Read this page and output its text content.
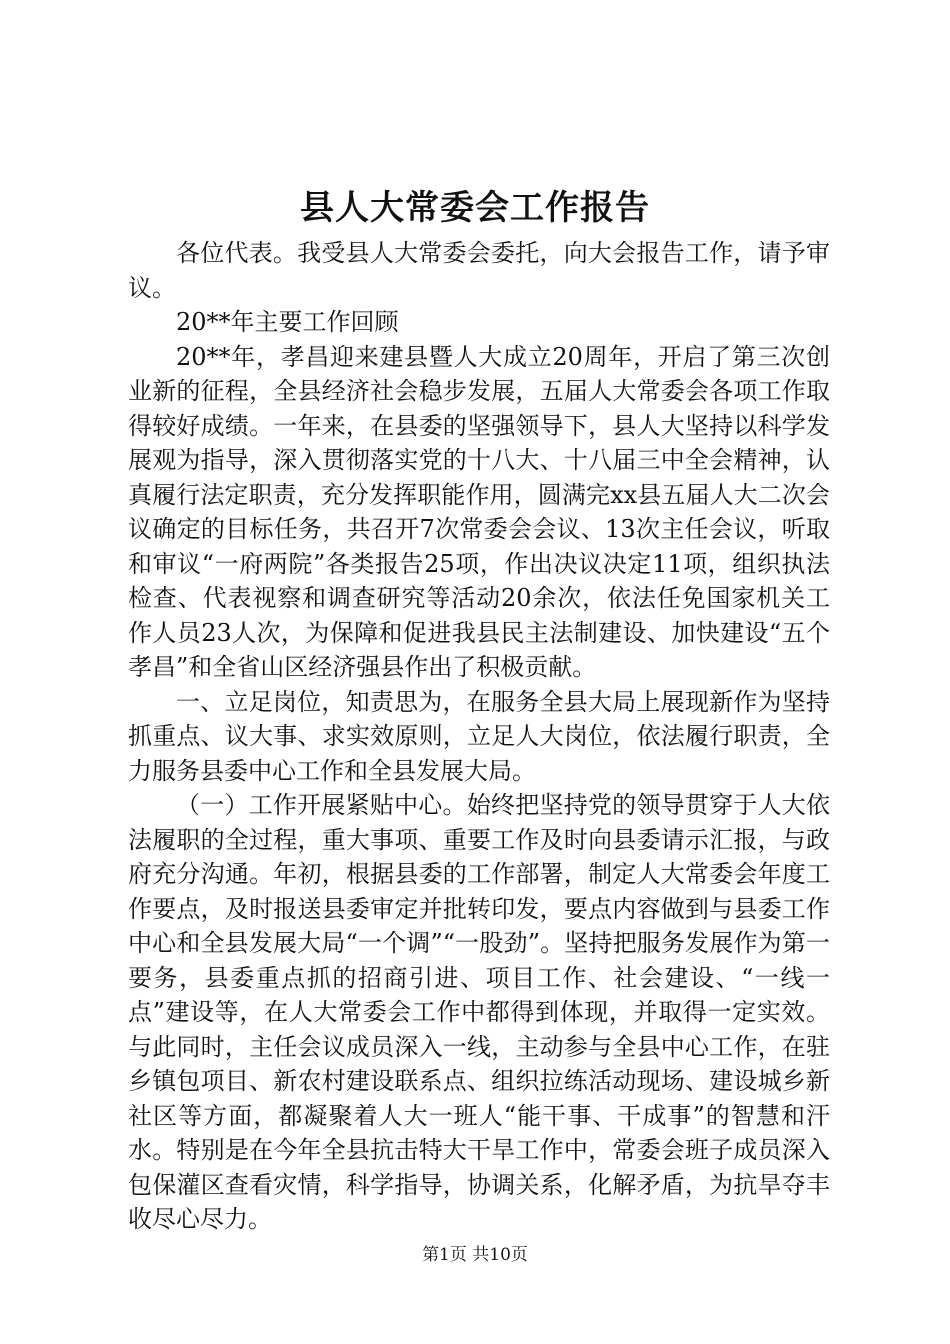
县人大常委会工作报告

各位代表。我受县人大常委会委托，向大会报告工作，请予审议。

20**年主要工作回顾

20**年，孝昌迎来建县暨人大成立20周年，开启了第三次创业新的征程，全县经济社会稳步发展，五届人大常委会各项工作取得较好成绩。一年来，在县委的坚强领导下，县人大坚持以科学发展观为指导，深入贯彻落实党的十八大、十八届三中全会精神，认真履行法定职责，充分发挥职能作用，圆满完xx县五届人大二次会议确定的目标任务，共召开7次常委会会议、13次主任会议，听取和审议“一府两院”各类报告25项，作出决议决定11项，组织执法检查、代表视察和调查研究等活动20余次，依法任免国家机关工作人员23人次，为保障和促进我县民主法制建设、加快建设“五个孝昌”和全省山区经济强县作出了积极贡献。

一、立足岗位，知责思为，在服务全县大局上展现新作为坚持抓重点、议大事、求实效原则，立足人大岗位，依法履行职责，全力服务县委中心工作和全县发展大局。

（一）工作开展紧贴中心。始终把坚持党的领导贯穿于人大依法履职的全过程，重大事项、重要工作及时向县委请示汇报，与政府充分沟通。年初，根据县委的工作部署，制定人大常委会年度工作要点，及时报送县委审定并批转印发，要点内容做到与县委工作中心和全县发展大局“一个调”“一股劲”。坚持把服务发展作为第一要务，县委重点抓的招商引进、项目工作、社会建设、“一线一点”建设等，在人大常委会工作中都得到体现，并取得一定实效。与此同时，主任会议成员深入一线，主动参与全县中心工作，在驻乡镇包项目、新农村建设联系点、组织拉练活动现场、建设城乡新社区等方面，都凝聚着人大一班人“能干事、干成事”的智慧和汗水。特别是在今年全县抗击特大干旱工作中，常委会班子成员深入包保灌区查看灾情，科学指导，协调关系，化解矛盾，为抗旱夺丰收尽心尽力。

第1页 共10页
